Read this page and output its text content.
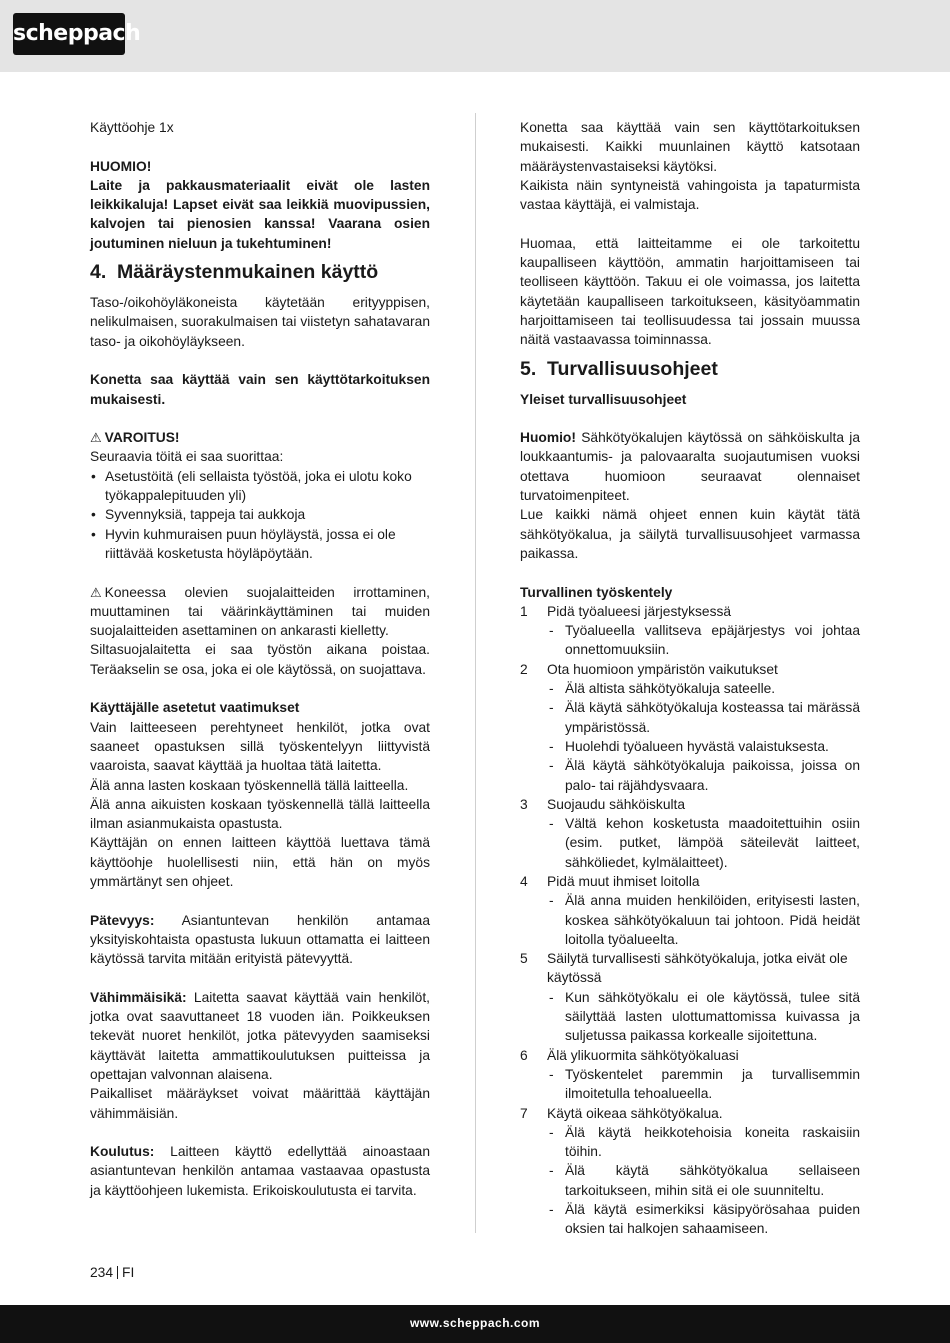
scheppach

Käyttöohje 1x

HUOMIO!

Laite ja pakkausmateriaalit eivät ole lasten leikkikaluja! Lapset eivät saa leikkiä muovipussien, kalvojen tai pienosien kanssa! Vaarana osien joutuminen nieluun ja tukehtuminen!

4. Määräystenmukainen käyttö

Taso-/oikohöyläkoneista käytetään erityyppisen, nelikulmaisen, suorakulmaisen tai viistetyn sahatavaran taso- ja oikohöyläykseen.

Konetta saa käyttää vain sen käyttötarkoituksen mukaisesti.

⚠ VAROITUS!

Seuraavia töitä ei saa suorittaa:

• Asetustöitä (eli sellaista työstöä, joka ei ulotu koko työkappalepituuden yli)
• Syvennyksiä, tappeja tai aukkoja
• Hyvin kuhmuraisen puun höyläystä, jossa ei ole riittävää kosketusta höyläpöytään.

⚠ Koneessa olevien suojalaitteiden irrottaminen, muuttaminen tai väärinkäyttäminen tai muiden suojalaitteiden asettaminen on ankarasti kielletty.

Siltasuojalaitetta ei saa työstön aikana poistaa. Teräakselin se osa, joka ei ole käytössä, on suojattava.

Käyttäjälle asetetut vaatimukset

Vain laitteeseen perehtyneet henkilöt, jotka ovat saaneet opastuksen sillä työskentelyyn liittyvistä vaaroista, saavat käyttää ja huoltaa tätä laitetta.

Älä anna lasten koskaan työskennellä tällä laitteella.

Älä anna aikuisten koskaan työskennellä tällä laitteella ilman asianmukaista opastusta.

Käyttäjän on ennen laitteen käyttöä luettava tämä käyttöohje huolellisesti niin, että hän on myös ymmärtänyt sen ohjeet.

Pätevyys: Asiantuntevan henkilön antamaa yksityiskohtaista opastusta lukuun ottamatta ei laitteen käytössä tarvita mitään erityistä pätevyyttä.

Vähimmäisikä: Laitetta saavat käyttää vain henkilöt, jotka ovat saavuttaneet 18 vuoden iän. Poikkeuksen tekevät nuoret henkilöt, jotka pätevyyden saamiseksi käyttävät laitetta ammattikoulutuksen puitteissa ja opettajan valvonnan alaisena.

Paikalliset määräykset voivat määrittää käyttäjän vähimmäisiän.

Koulutus: Laitteen käyttö edellyttää ainoastaan asiantuntevan henkilön antamaa vastaavaa opastusta ja käyttöohjeen lukemista. Erikoiskoulutusta ei tarvita.

Konetta saa käyttää vain sen käyttötarkoituksen mukaisesti. Kaikki muunlainen käyttö katsotaan määräystenvastaiseksi käytöksi.

Kaikista näin syntyneistä vahingoista ja tapaturmista vastaa käyttäjä, ei valmistaja.

Huomaa, että laitteitamme ei ole tarkoitettu kaupalliseen käyttöön, ammatin harjoittamiseen tai teolliseen käyttöön. Takuu ei ole voimassa, jos laitetta käytetään kaupalliseen tarkoitukseen, käsityöammatin harjoittamiseen tai teollisuudessa tai jossain muussa näitä vastaavassa toiminnassa.

5. Turvallisuusohjeet

Yleiset turvallisuusohjeet

Huomio! Sähkötyökalujen käytössä on sähköiskulta ja loukkaantumis- ja palovaaralta suojautumisen vuoksi otettava huomioon seuraavat olennaiset turvatoimenpiteet.

Lue kaikki nämä ohjeet ennen kuin käytät tätä sähkötyökalua, ja säilytä turvallisuusohjeet varmassa paikassa.

Turvallinen työskentely

1 Pidä työalueesi järjestyksessä

- Työalueella vallitseva epäjärjestys voi johtaa onnettomuuksiin.

2 Ota huomioon ympäristön vaikutukset

- Älä altista sähkötyökaluja sateelle.

- Älä käytä sähkötyökaluja kosteassa tai märässä ympäristössä.

- Huolehdi työalueen hyvästä valaistuksesta.

- Älä käytä sähkötyökaluja paikoissa, joissa on palo- tai räjähdysvaara.

3 Suojaudu sähköiskulta

- Vältä kehon kosketusta maadoitettuihin osiin (esim. putket, lämpöä säteilevät laitteet, sähköliedet, kylmälaitteet).

4 Pidä muut ihmiset loitolla

- Älä anna muiden henkilöiden, erityisesti lasten, koskea sähkötyökaluun tai johtoon. Pidä heidät loitolla työalueelta.

5 Säilytä turvallisesti sähkötyökaluja, jotka eivät ole käytössä

- Kun sähkötyökalu ei ole käytössä, tulee sitä säilyttää lasten ulottumattomissa kuivassa ja suljetussa paikassa korkealle sijoitettuna.

6 Älä ylikuormita sähkötyökaluasi

- Työskentelet paremmin ja turvallisemmin ilmoitetulla tehoalueella.

7 Käytä oikeaa sähkötyökalua.

- Älä käytä heikkotehoisia koneita raskaisiin töihin.

- Älä käytä sähkötyökalua sellaiseen tarkoitukseen, mihin sitä ei ole suunniteltu.

- Älä käytä esimerkiksi käsipyörösahaa puiden oksien tai halkojen sahaamiseen.

234 FI
www.scheppach.com
